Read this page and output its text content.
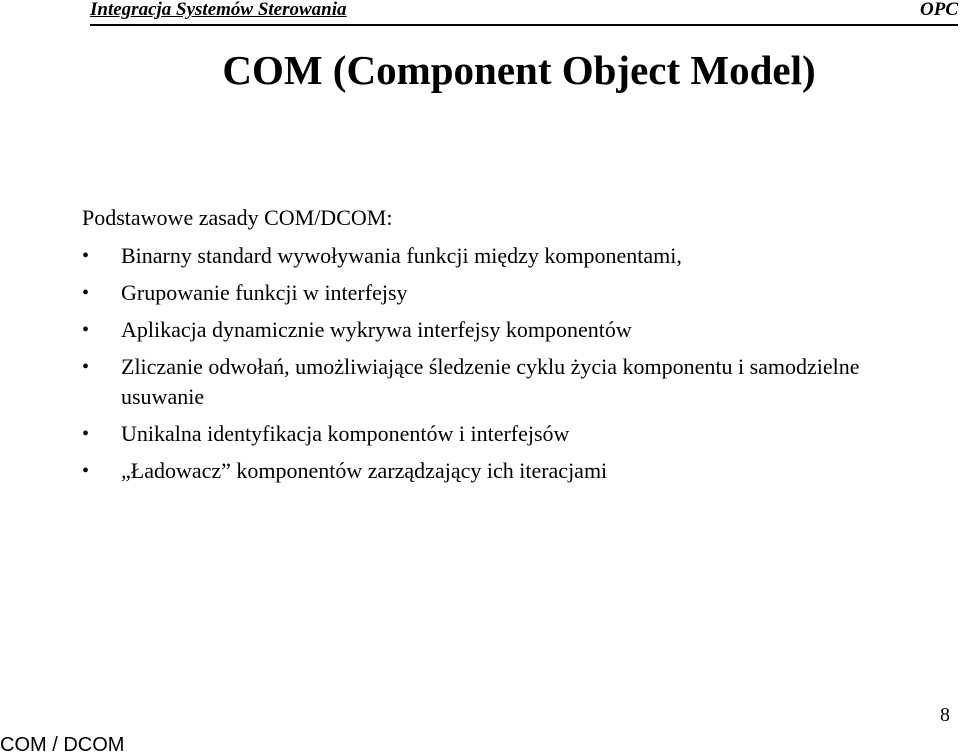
Integracja Systemów Sterowania	OPC
COM (Component Object Model)
Podstawowe zasady COM/DCOM:
• Binarny standard wywoływania funkcji między komponentami,
• Grupowanie funkcji w interfejsy
• Aplikacja dynamicznie wykrywa interfejsy komponentów
• Zliczanie odwołań, umożliwiające śledzenie cyklu życia komponentu i samodzielne usuwanie
• Unikalna identyfikacja komponentów i interfejsów
• „Ładowacz” komponentów zarządzający ich iteracjami
COM / DCOM
8
